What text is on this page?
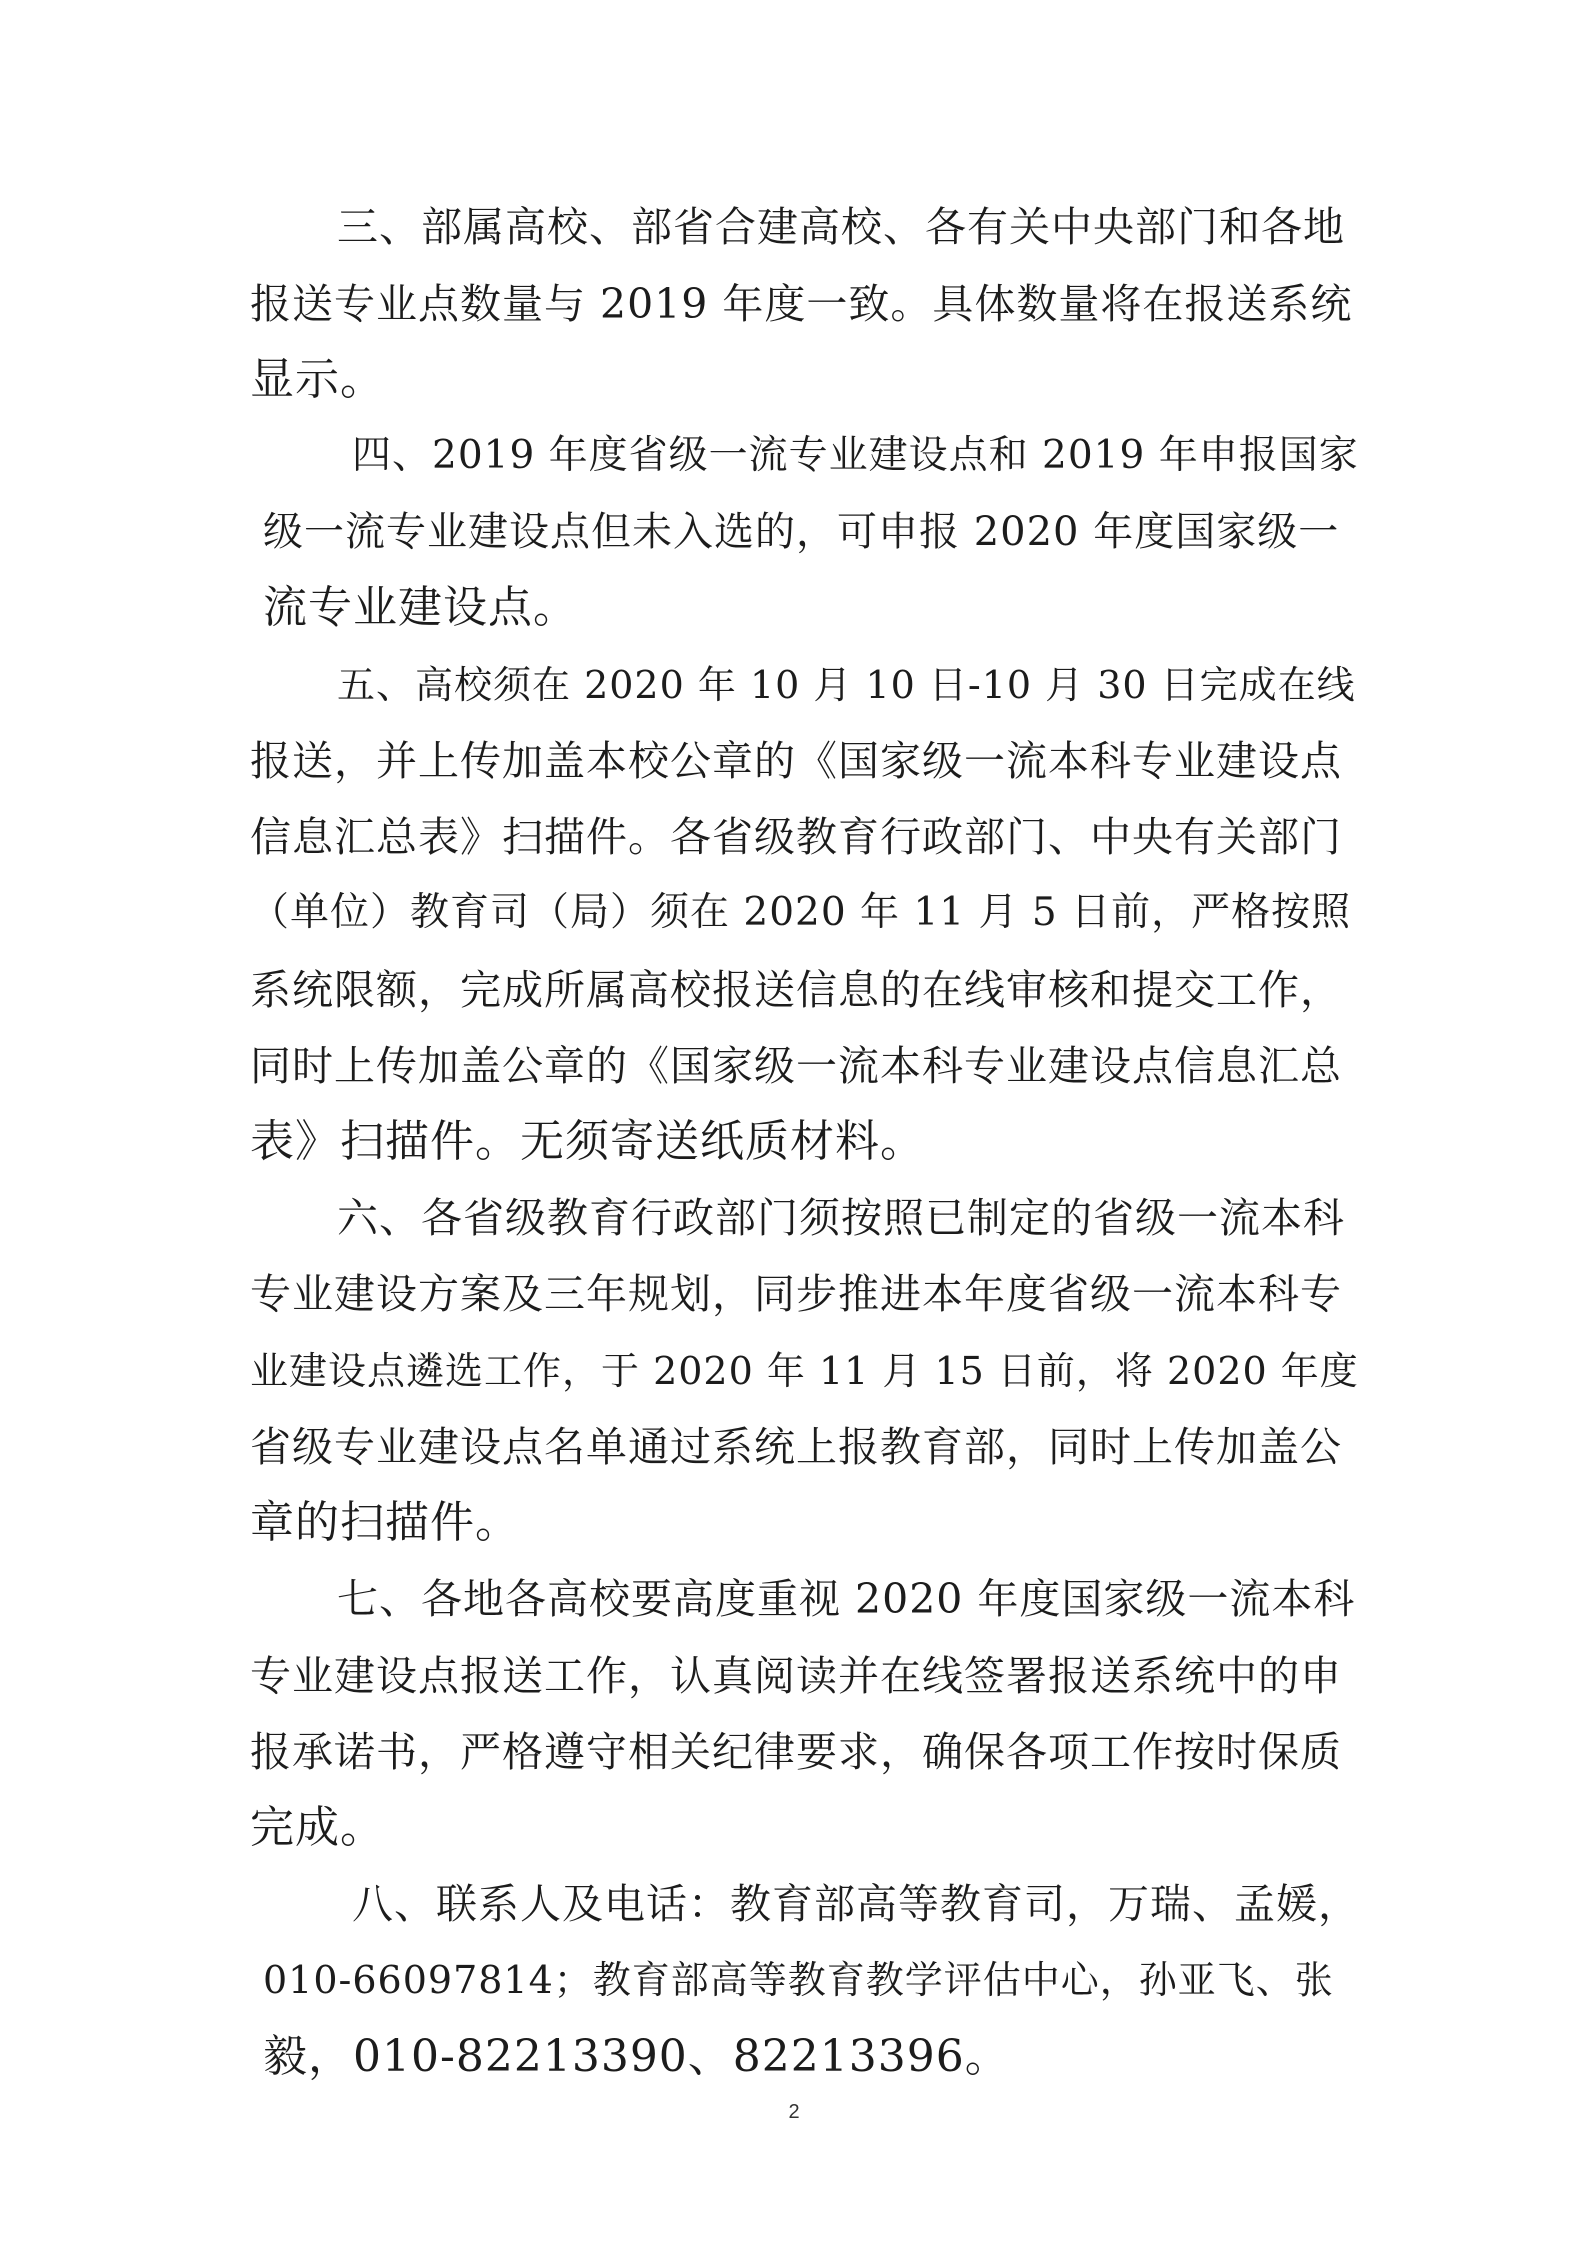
三、部属高校、部省合建高校、各有关中央部门和各地
报送专业点数量与 2019 年度一致。具体数量将在报送系统
显示。
四、2019 年度省级一流专业建设点和 2019 年申报国家
级一流专业建设点但未入选的，可申报 2020 年度国家级一
流专业建设点。
五、高校须在 2020 年 10 月 10 日-10 月 30 日完成在线
报送，并上传加盖本校公章的《国家级一流本科专业建设点
信息汇总表》扫描件。各省级教育行政部门、中央有关部门
（单位）教育司（局）须在 2020 年 11 月 5 日前，严格按照
系统限额，完成所属高校报送信息的在线审核和提交工作，
同时上传加盖公章的《国家级一流本科专业建设点信息汇总
表》扫描件。无须寄送纸质材料。
六、各省级教育行政部门须按照已制定的省级一流本科
专业建设方案及三年规划，同步推进本年度省级一流本科专
业建设点遴选工作，于 2020 年 11 月 15 日前，将 2020 年度
省级专业建设点名单通过系统上报教育部，同时上传加盖公
章的扫描件。
七、各地各高校要高度重视 2020 年度国家级一流本科
专业建设点报送工作，认真阅读并在线签署报送系统中的申
报承诺书，严格遵守相关纪律要求，确保各项工作按时保质
完成。
八、联系人及电话：教育部高等教育司，万瑞、孟媛，
010-66097814；教育部高等教育教学评估中心，孙亚飞、张
毅，010-82213390、82213396。
2
